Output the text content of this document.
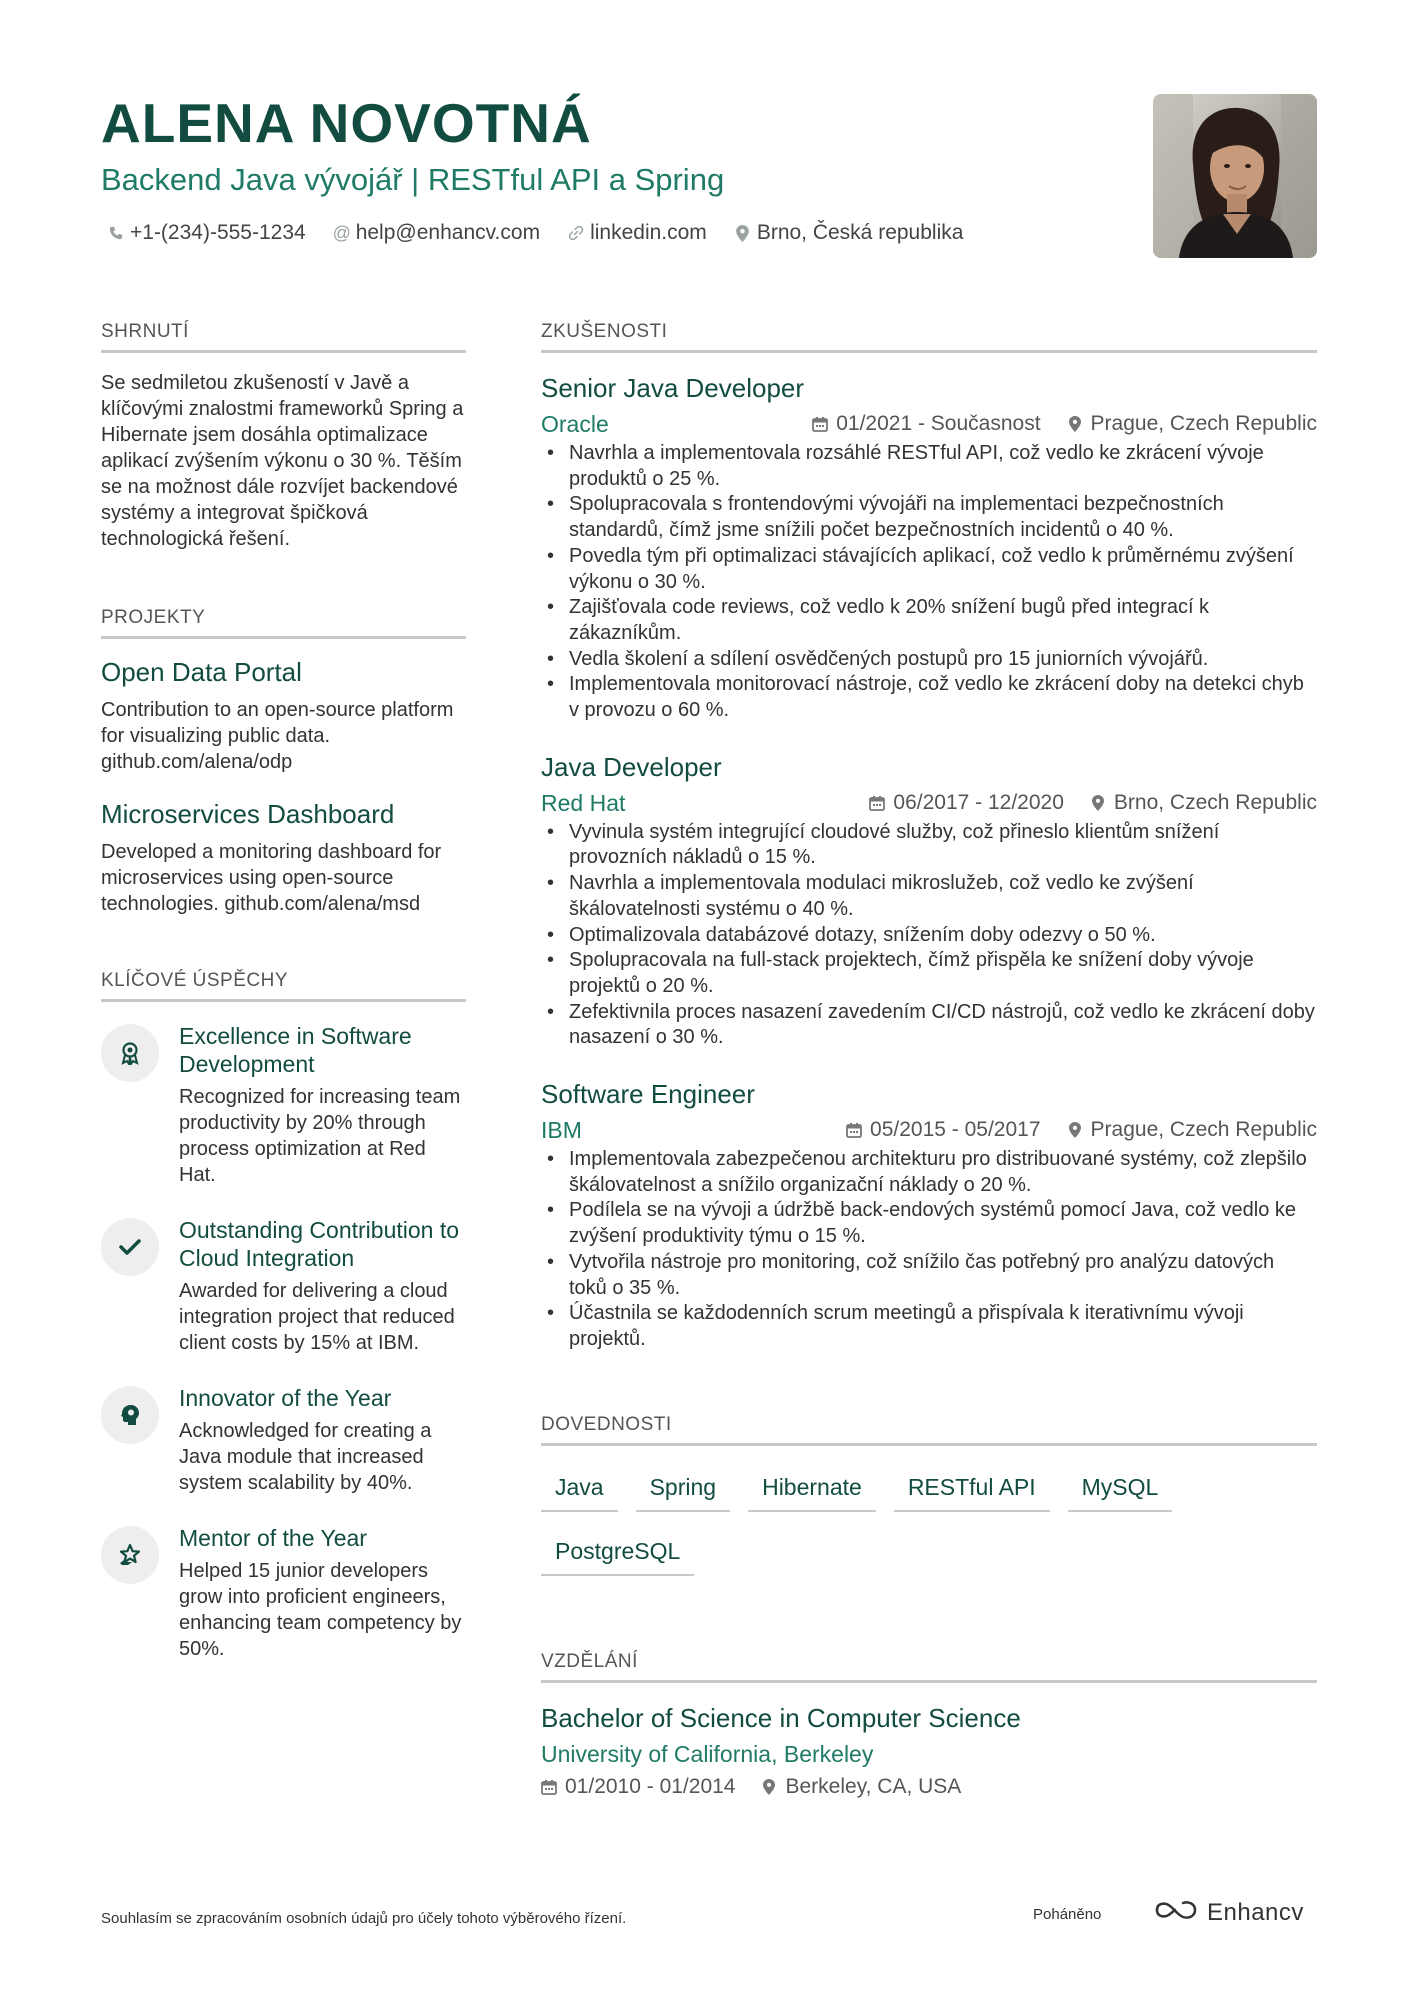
ALENA NOVOTNÁ
Backend Java vývojář | RESTful API a Spring
+1-(234)-555-1234 @ help@enhancv.com linkedin.com Brno, Česká republika
SHRNUTÍ
Se sedmiletou zkušeností v Javě a klíčovými znalostmi frameworků Spring a Hibernate jsem dosáhla optimalizace aplikací zvýšením výkonu o 30 %. Těším se na možnost dále rozvíjet backendové systémy a integrovat špičková technologická řešení.
PROJEKTY
Open Data Portal
Contribution to an open-source platform for visualizing public data. github.com/alena/odp
Microservices Dashboard
Developed a monitoring dashboard for microservices using open-source technologies. github.com/alena/msd
KLÍČOVÉ ÚSPĚCHY
Excellence in Software Development
Recognized for increasing team productivity by 20% through process optimization at Red Hat.
Outstanding Contribution to Cloud Integration
Awarded for delivering a cloud integration project that reduced client costs by 15% at IBM.
Innovator of the Year
Acknowledged for creating a Java module that increased system scalability by 40%.
Mentor of the Year
Helped 15 junior developers grow into proficient engineers, enhancing team competency by 50%.
ZKUŠENOSTI
Senior Java Developer
Oracle	01/2021 - Současnost Prague, Czech Republic
• Navrhla a implementovala rozsáhlé RESTful API, což vedlo ke zkrácení vývoje produktů o 25 %.
• Spolupracovala s frontendovými vývojáři na implementaci bezpečnostních standardů, čímž jsme snížili počet bezpečnostních incidentů o 40 %.
• Povedla tým při optimalizaci stávajících aplikací, což vedlo k průměrnému zvýšení výkonu o 30 %.
• Zajišťovala code reviews, což vedlo k 20% snížení bugů před integrací k zákazníkům.
• Vedla školení a sdílení osvědčených postupů pro 15 juniorních vývojářů.
• Implementovala monitorovací nástroje, což vedlo ke zkrácení doby na detekci chyb v provozu o 60 %.
Java Developer
Red Hat	06/2017 - 12/2020 Brno, Czech Republic
• Vyvinula systém integrující cloudové služby, což přineslo klientům snížení provozních nákladů o 15 %.
• Navrhla a implementovala modulaci mikroslužeb, což vedlo ke zvýšení škálovatelnosti systému o 40 %.
• Optimalizovala databázové dotazy, snížením doby odezvy o 50 %.
• Spolupracovala na full-stack projektech, čímž přispěla ke snížení doby vývoje projektů o 20 %.
• Zefektivnila proces nasazení zavedením CI/CD nástrojů, což vedlo ke zkrácení doby nasazení o 30 %.
Software Engineer
IBM	05/2015 - 05/2017 Prague, Czech Republic
• Implementovala zabezpečenou architekturu pro distribuované systémy, což zlepšilo škálovatelnost a snížilo organizační náklady o 20 %.
• Podílela se na vývoji a údržbě back-endových systémů pomocí Java, což vedlo ke zvýšení produktivity týmu o 15 %.
• Vytvořila nástroje pro monitoring, což snížilo čas potřebný pro analýzu datových toků o 35 %.
• Účastnila se každodenních scrum meetingů a přispívala k iterativnímu vývoji projektů.
DOVEDNOSTI
Java	Spring	Hibernate	RESTful API	MySQL
PostgreSQL
VZDĚLÁNÍ
Bachelor of Science in Computer Science
University of California, Berkeley
01/2010 - 01/2014 Berkeley, CA, USA
Souhlasím se zpracováním osobních údajů pro účely tohoto výběrového řízení.	Poháněno	Enhancv
